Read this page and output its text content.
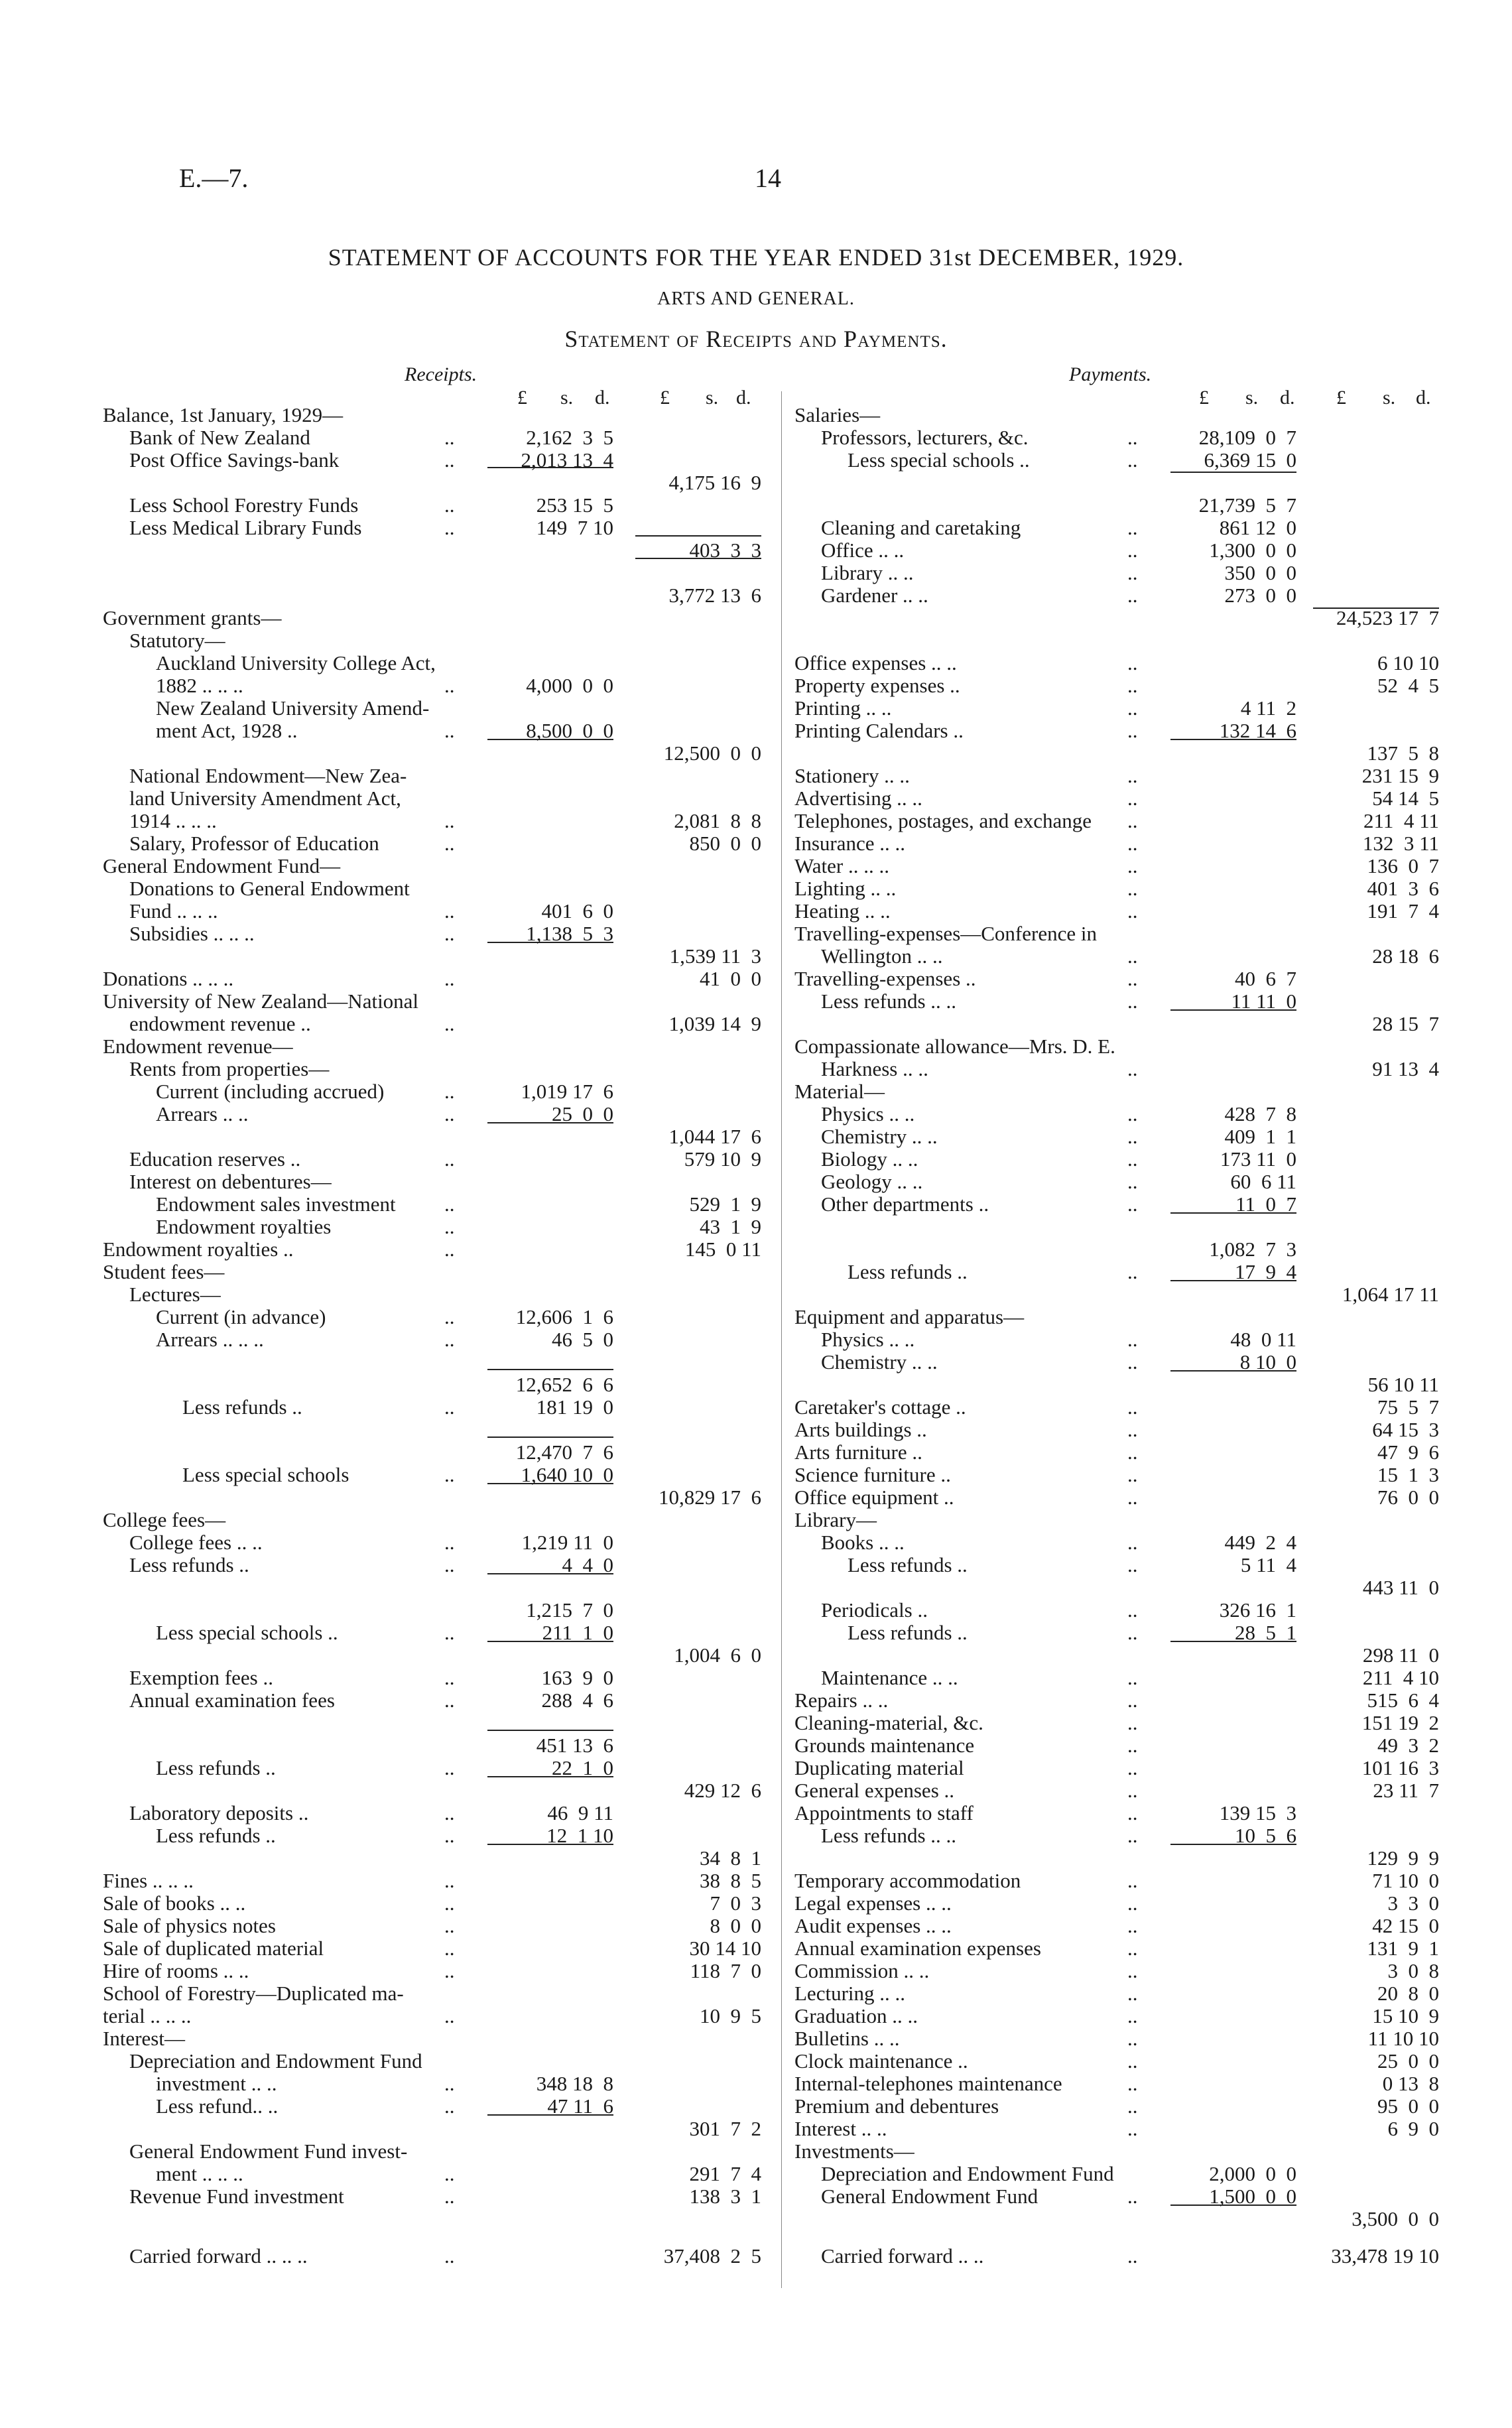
E.—7.	14
STATEMENT OF ACCOUNTS FOR THE YEAR ENDED 31st DECEMBER, 1929.
ARTS AND GENERAL.
Statement of Receipts and Payments.
Receipts.
£ s. d.	£ s. d.
Payments.
£ s. d. £ s. d.
Balance, 1st January, 1929—
Bank of New Zealand	..	2,162  3  5
Post Office Savings-bank	..	2,013 13  4
4,175 16  9
Less School Forestry Funds	..	253 15  5
Less Medical Library Funds	..	149  7 10
403  3  3
3,772 13  6
Government grants—
Statutory—
Auckland University College Act,
1882 .. .. ..	..	4,000  0  0
New Zealand University Amend-
ment Act, 1928 ..	..	8,500  0  0
12,500  0  0
National Endowment—New Zea-
land University Amendment Act,
1914 .. .. ..	..	2,081  8  8
Salary, Professor of Education	..	850  0  0
General Endowment Fund—
Donations to General Endowment
Fund .. .. ..	..	401  6  0
Subsidies .. .. ..	..	1,138  5  3
1,539 11  3
Donations .. .. ..	..	41  0  0
University of New Zealand—National
endowment revenue ..	..	1,039 14  9
Endowment revenue—
Rents from properties—
Current (including accrued)	..	1,019 17  6
Arrears .. ..	..	25  0  0
1,044 17  6
Education reserves ..	..	579 10  9
Interest on debentures—
Endowment sales investment ..	529  1  9
Endowment royalties	..	43  1  9
Endowment royalties ..	..	145  0 11
Student fees—
Lectures—
Current (in advance)	..	12,606  1  6
Arrears .. .. ..	..	46  5  0
12,652  6  6
Less refunds ..	..	181 19  0
12,470  7  6
Less special schools	..	1,640 10  0
10,829 17  6
College fees—
College fees .. ..	..	1,219 11  0
Less refunds ..	..	4  4  0
1,215  7  0
Less special schools ..	..	211  1  0
1,004  6  0
Exemption fees ..	..	163  9  0
Annual examination fees	..	288  4  6
451 13  6
Less refunds ..	..	22  1  0
429 12  6
Laboratory deposits ..	..	46  9 11
Less refunds ..	..	12  1 10
34  8  1
Fines .. .. ..	..	38  8  5
Sale of books .. ..	..	7  0  3
Sale of physics notes	..	8  0  0
Sale of duplicated material	..	30 14 10
Hire of rooms .. ..	..	118  7  0
School of Forestry—Duplicated ma-
terial .. .. ..	..	10  9  5
Interest—
Depreciation and Endowment Fund
investment .. ..	..	348 18  8
Less refund.. ..	..	47 11  6
301  7  2
General Endowment Fund invest-
ment .. .. ..	..	291  7  4
Revenue Fund investment	..	138  3  1
Carried forward .. .. ..	..	37,408  2  5
Salaries—
Professors, lecturers, &c.	..	28,109  0  7
Less special schools ..	..	6,369 15  0
21,739  5  7
Cleaning and caretaking	..	861 12  0
Office .. ..	..	1,300  0  0
Library .. ..	..	350  0  0
Gardener .. ..	..	273  0  0
24,523 17  7
Office expenses .. ..	..	6 10 10
Property expenses ..	..	52  4  5
Printing .. ..	..	4 11  2
Printing Calendars ..	..	132 14  6
137  5  8
Stationery .. ..	..	231 15  9
Advertising .. ..	..	54 14  5
Telephones, postages, and exchange ..	211  4 11
Insurance .. ..	..	132  3 11
Water .. .. ..	..	136  0  7
Lighting .. ..	..	401  3  6
Heating .. ..	..	191  7  4
Travelling-expenses—Conference in
Wellington .. ..	..	28 18  6
Travelling-expenses ..	..	40  6  7
Less refunds .. ..	..	11 11  0
28 15  7
Compassionate allowance—Mrs. D. E.
Harkness .. ..	..	91 13  4
Material—
Physics .. ..	..	428  7  8
Chemistry .. ..	..	409  1  1
Biology .. ..	..	173 11  0
Geology .. ..	..	60  6 11
Other departments ..	..	11  0  7
1,082  7  3
Less refunds ..	..	17  9  4
1,064 17 11
Equipment and apparatus—
Physics .. ..	..	48  0 11
Chemistry .. ..	..	8 10  0
56 10 11
Caretaker's cottage ..	..	75  5  7
Arts buildings ..	..	64 15  3
Arts furniture ..	..	47  9  6
Science furniture ..	..	15  1  3
Office equipment ..	..	76  0  0
Library—
Books .. ..	..	449  2  4
Less refunds ..	..	5 11  4
443 11  0
Periodicals ..	..	326 16  1
Less refunds ..	..	28  5  1
298 11  0
Maintenance .. ..	..	211  4 10
Repairs .. ..	..	515  6  4
Cleaning-material, &c.	..	151 19  2
Grounds maintenance	..	49  3  2
Duplicating material	..	101 16  3
General expenses ..	..	23 11  7
Appointments to staff	..	139 15  3
Less refunds .. ..	..	10  5  6
129  9  9
Temporary accommodation	..	71 10  0
Legal expenses .. ..	..	3  3  0
Audit expenses .. ..	..	42 15  0
Annual examination expenses	..	131  9  1
Commission .. ..	..	3  0  8
Lecturing .. ..	..	20  8  0
Graduation .. ..	..	15 10  9
Bulletins .. ..	..	11 10 10
Clock maintenance ..	..	25  0  0
Internal-telephones maintenance	..	0 13  8
Premium and debentures	..	95  0  0
Interest .. ..	..	6  9  0
Investments—
Depreciation and Endowment Fund	2,000  0  0
General Endowment Fund	..	1,500  0  0
3,500  0  0
Carried forward .. ..	..	33,478 19 10
